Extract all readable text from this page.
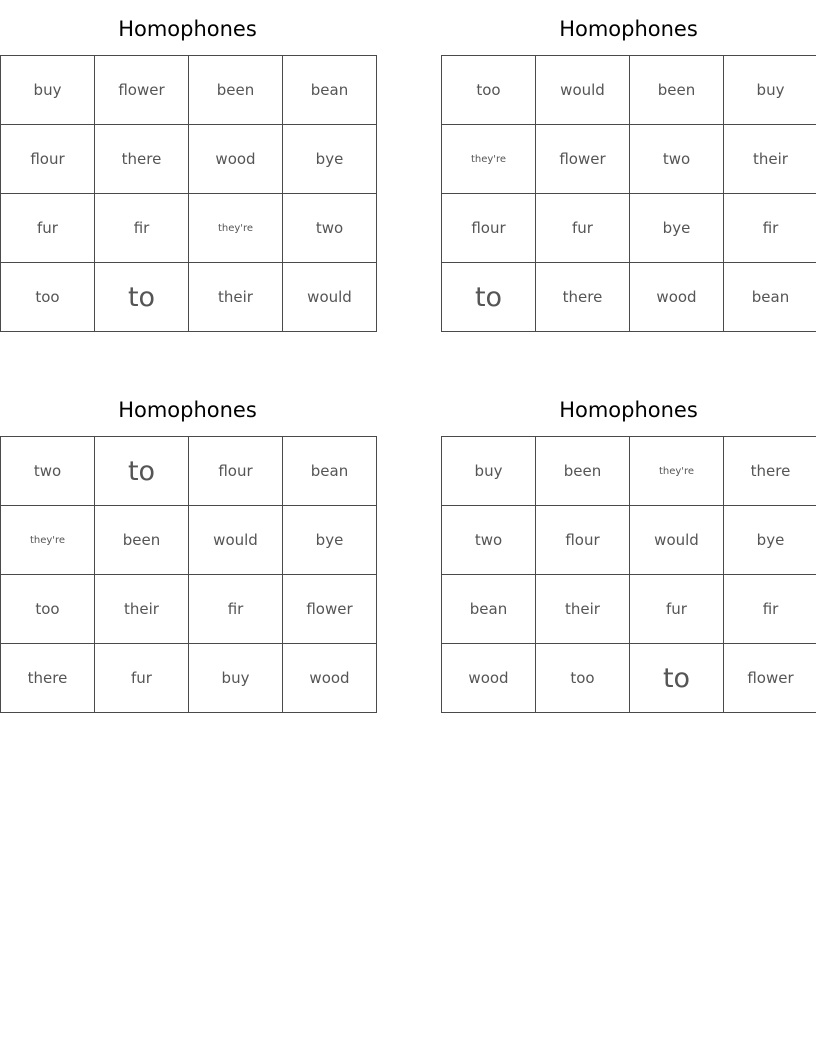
Homophones
buy	flower	been	bean
flour	there	wood	bye
fur	fir	they're	two
too	to	their	would
Homophones
too	would	been	buy
they're	flower	two	their
flour	fur	bye	fir
to	there	wood	bean
Homophones
two	to	flour	bean
they're	been	would	bye
too	their	fir	flower
there	fur	buy	wood
Homophones
buy	been	they're	there
two	flour	would	bye
bean	their	fur	fir
wood	too	to	flower
